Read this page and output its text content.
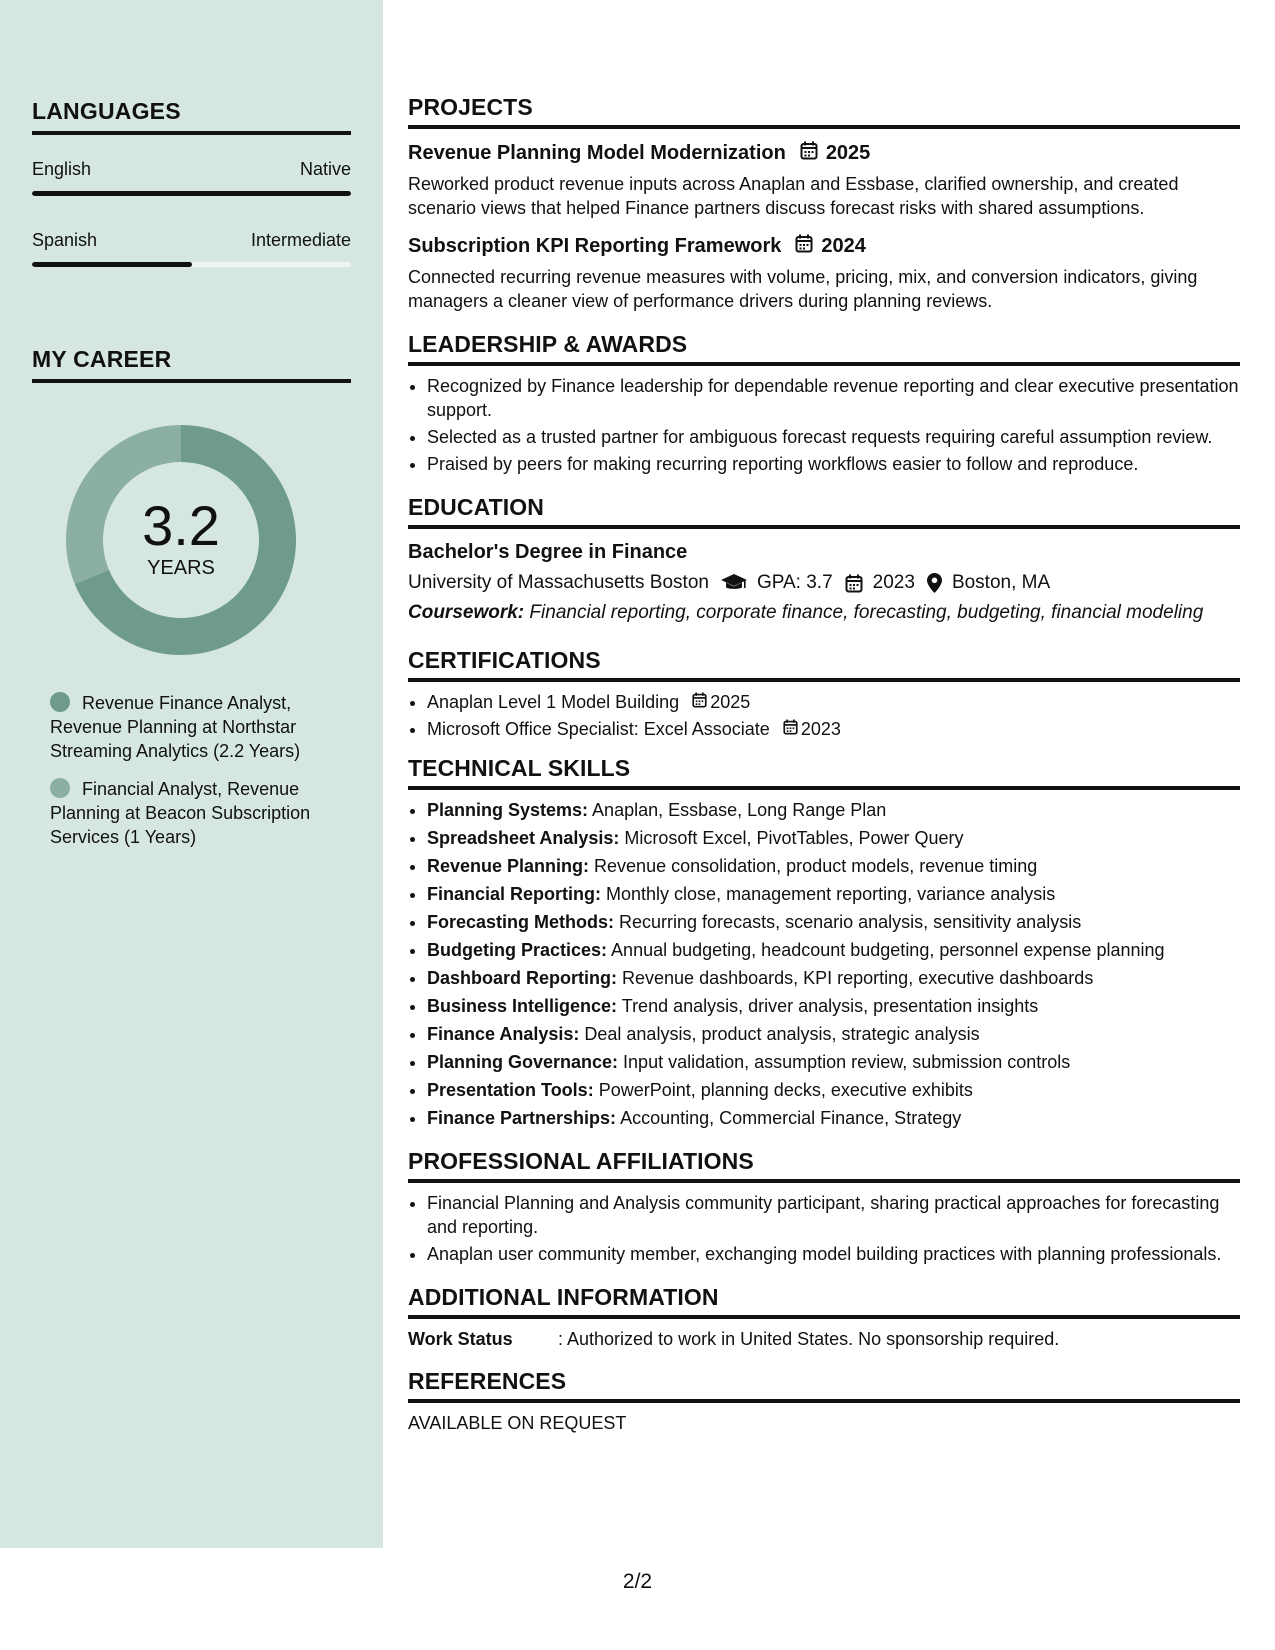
LANGUAGES
English	Native
Spanish	Intermediate
MY CAREER
3.2
YEARS
Revenue Finance Analyst, Revenue Planning at Northstar Streaming Analytics (2.2 Years)
Financial Analyst, Revenue Planning at Beacon Subscription Services (1 Years)
PROJECTS
Revenue Planning Model Modernization 2025
Reworked product revenue inputs across Anaplan and Essbase, clarified ownership, and created scenario views that helped Finance partners discuss forecast risks with shared assumptions.
Subscription KPI Reporting Framework 2024
Connected recurring revenue measures with volume, pricing, mix, and conversion indicators, giving managers a cleaner view of performance drivers during planning reviews.
LEADERSHIP & AWARDS
• Recognized by Finance leadership for dependable revenue reporting and clear executive presentation support.
• Selected as a trusted partner for ambiguous forecast requests requiring careful assumption review.
• Praised by peers for making recurring reporting workflows easier to follow and reproduce.
EDUCATION
Bachelor's Degree in Finance
University of Massachusetts Boston	GPA: 3.7 2023 Boston, MA
Coursework: Financial reporting, corporate finance, forecasting, budgeting, financial modeling
CERTIFICATIONS
• Anaplan Level 1 Model Building 2025
• Microsoft Office Specialist: Excel Associate 2023
TECHNICAL SKILLS
• Planning Systems: Anaplan, Essbase, Long Range Plan
• Spreadsheet Analysis: Microsoft Excel, PivotTables, Power Query
• Revenue Planning: Revenue consolidation, product models, revenue timing
• Financial Reporting: Monthly close, management reporting, variance analysis
• Forecasting Methods: Recurring forecasts, scenario analysis, sensitivity analysis
• Budgeting Practices: Annual budgeting, headcount budgeting, personnel expense planning
• Dashboard Reporting: Revenue dashboards, KPI reporting, executive dashboards
• Business Intelligence: Trend analysis, driver analysis, presentation insights
• Finance Analysis: Deal analysis, product analysis, strategic analysis
• Planning Governance: Input validation, assumption review, submission controls
• Presentation Tools: PowerPoint, planning decks, executive exhibits
• Finance Partnerships: Accounting, Commercial Finance, Strategy
PROFESSIONAL AFFILIATIONS
• Financial Planning and Analysis community participant, sharing practical approaches for forecasting and reporting.
• Anaplan user community member, exchanging model building practices with planning professionals.
ADDITIONAL INFORMATION
Work Status	: Authorized to work in United States. No sponsorship required.
REFERENCES
AVAILABLE ON REQUEST
2/2
